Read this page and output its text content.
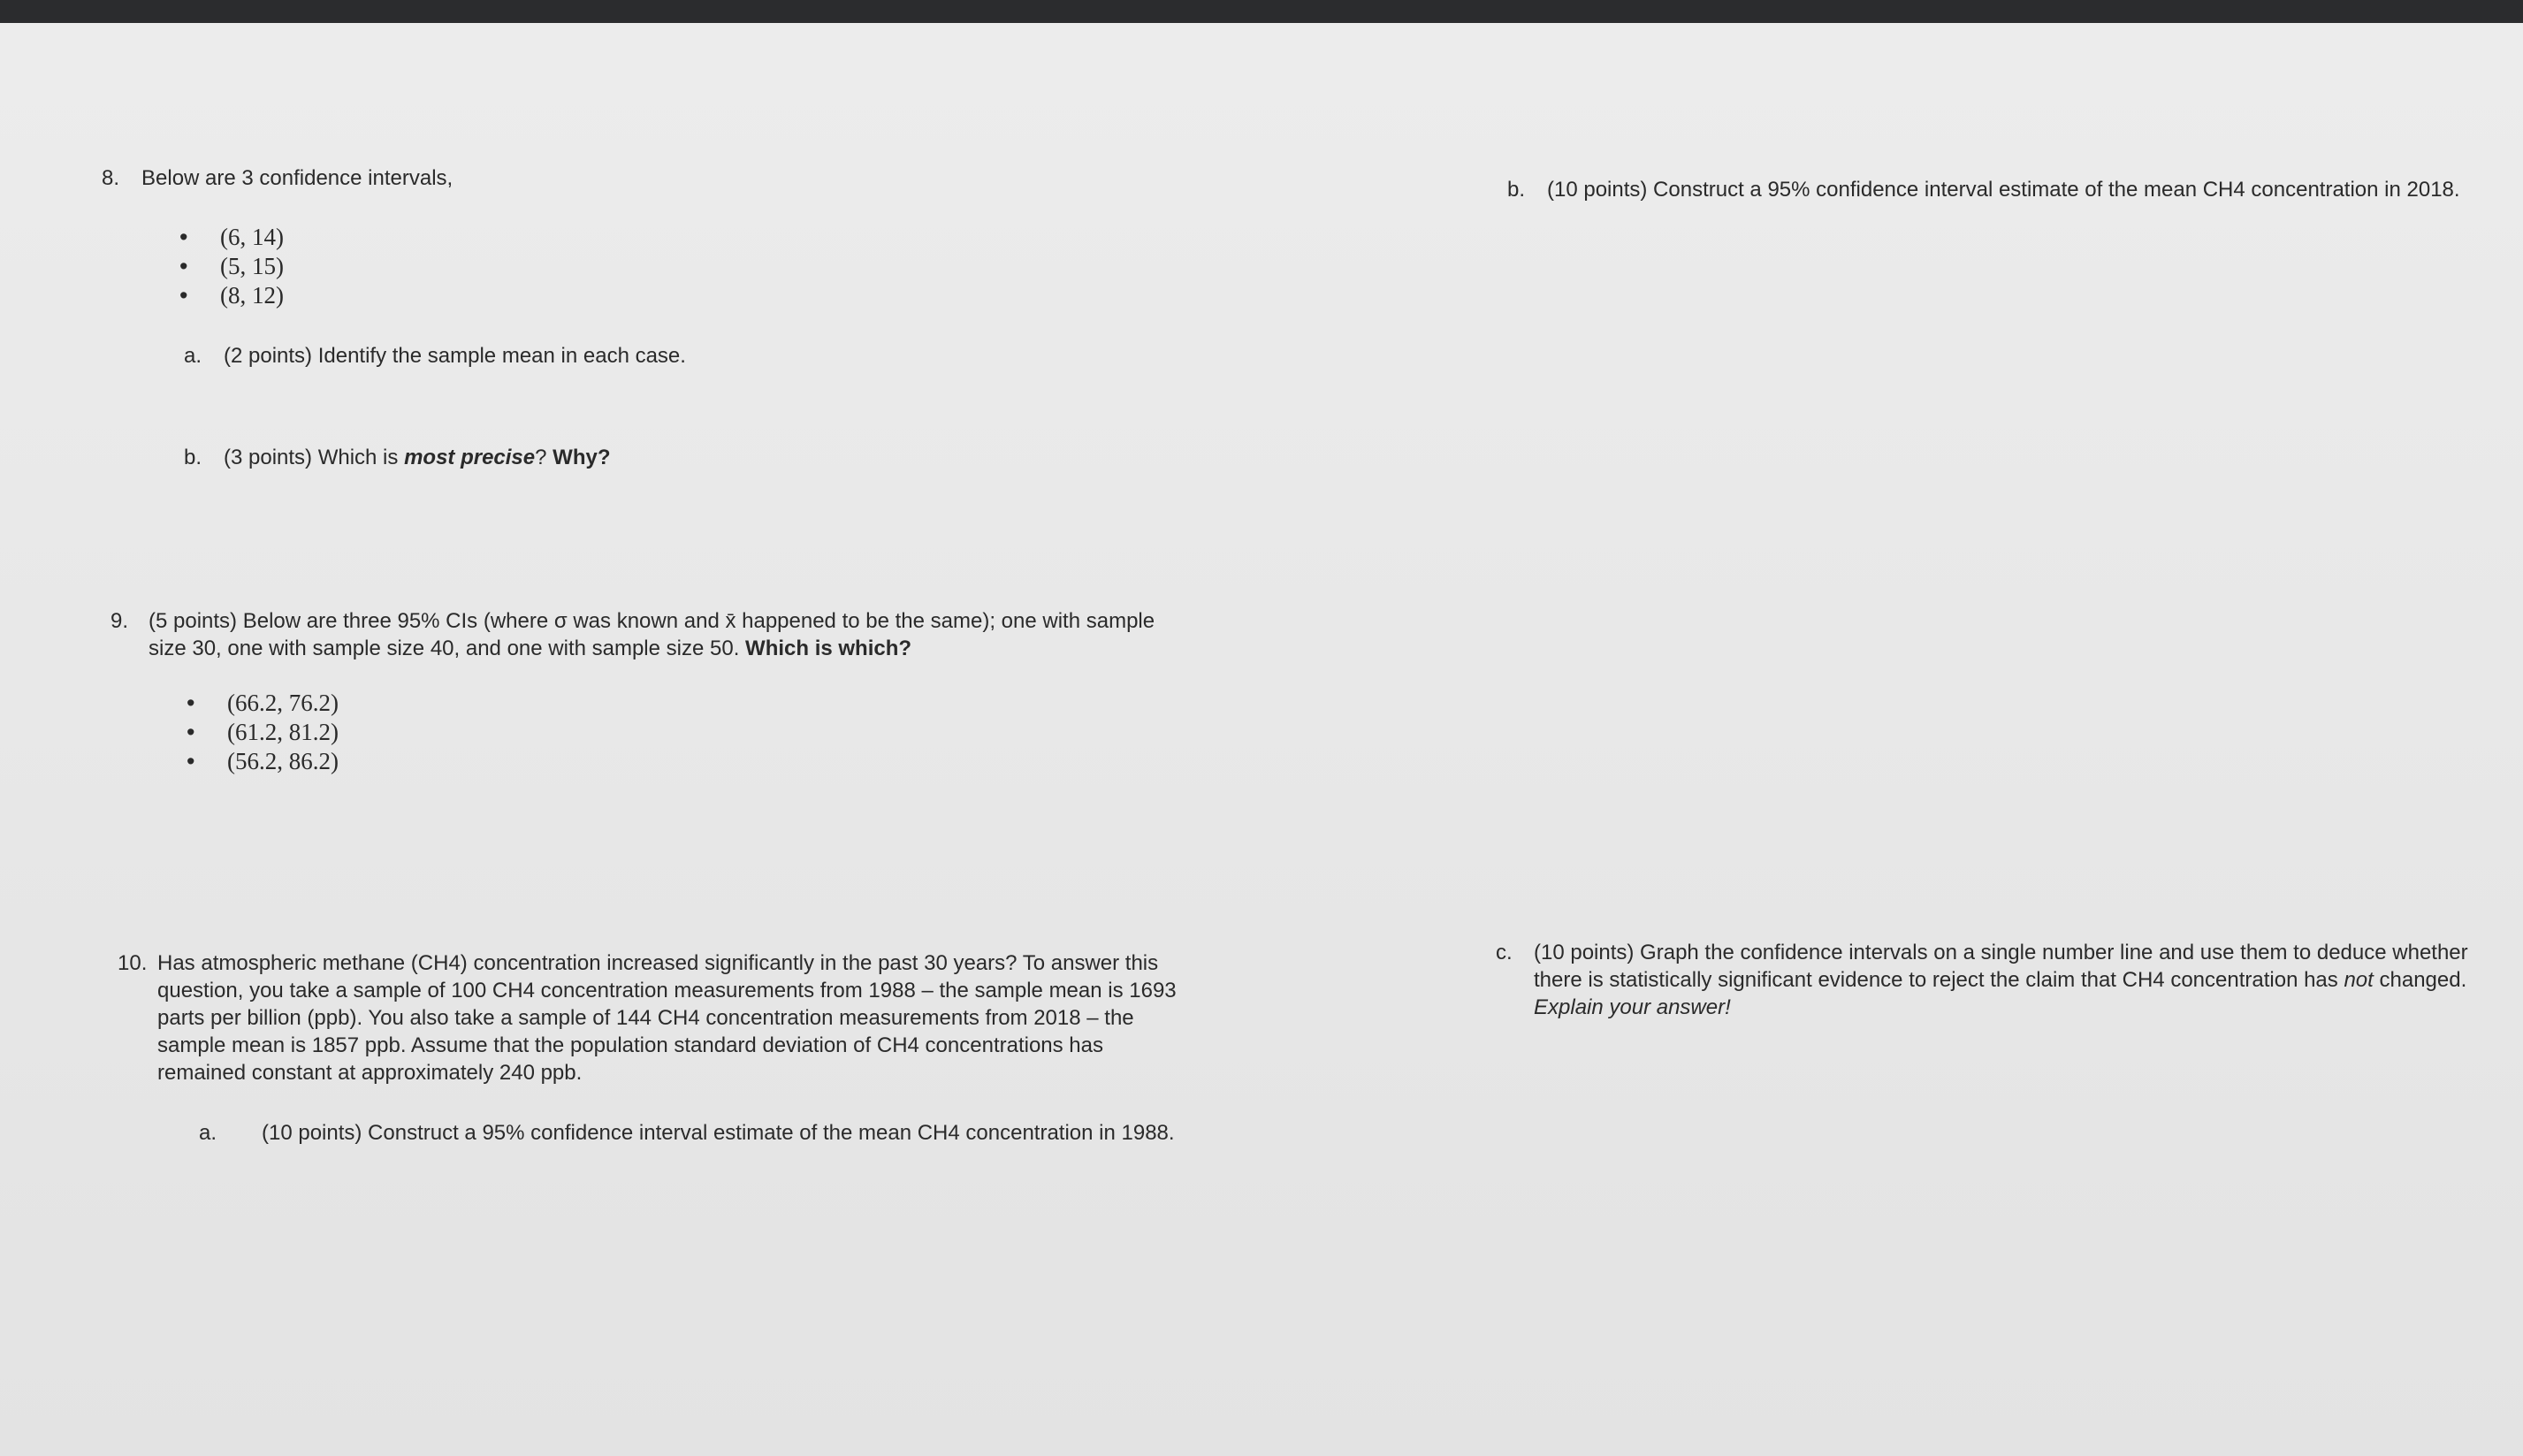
8. Below are 3 confidence intervals,
• (6, 14)
• (5, 15)
• (8, 12)
a. (2 points) Identify the sample mean in each case.
b. (3 points) Which is most precise? Why?
9. (5 points) Below are three 95% CIs (where σ was known and x̄ happened to be the same); one with sample
size 30, one with sample size 40, and one with sample size 50. Which is which?
• (66.2, 76.2)
• (61.2, 81.2)
• (56.2, 86.2)
10. Has atmospheric methane (CH4) concentration increased significantly in the past 30 years? To answer this
question, you take a sample of 100 CH4 concentration measurements from 1988 – the sample mean is 1693
parts per billion (ppb). You also take a sample of 144 CH4 concentration measurements from 2018 – the
sample mean is 1857 ppb. Assume that the population standard deviation of CH4 concentrations has
remained constant at approximately 240 ppb.
a. (10 points) Construct a 95% confidence interval estimate of the mean CH4 concentration in 1988.
b. (10 points) Construct a 95% confidence interval estimate of the mean CH4 concentration in 2018.
c. (10 points) Graph the confidence intervals on a single number line and use them to deduce whether
there is statistically significant evidence to reject the claim that CH4 concentration has not changed.
Explain your answer!
